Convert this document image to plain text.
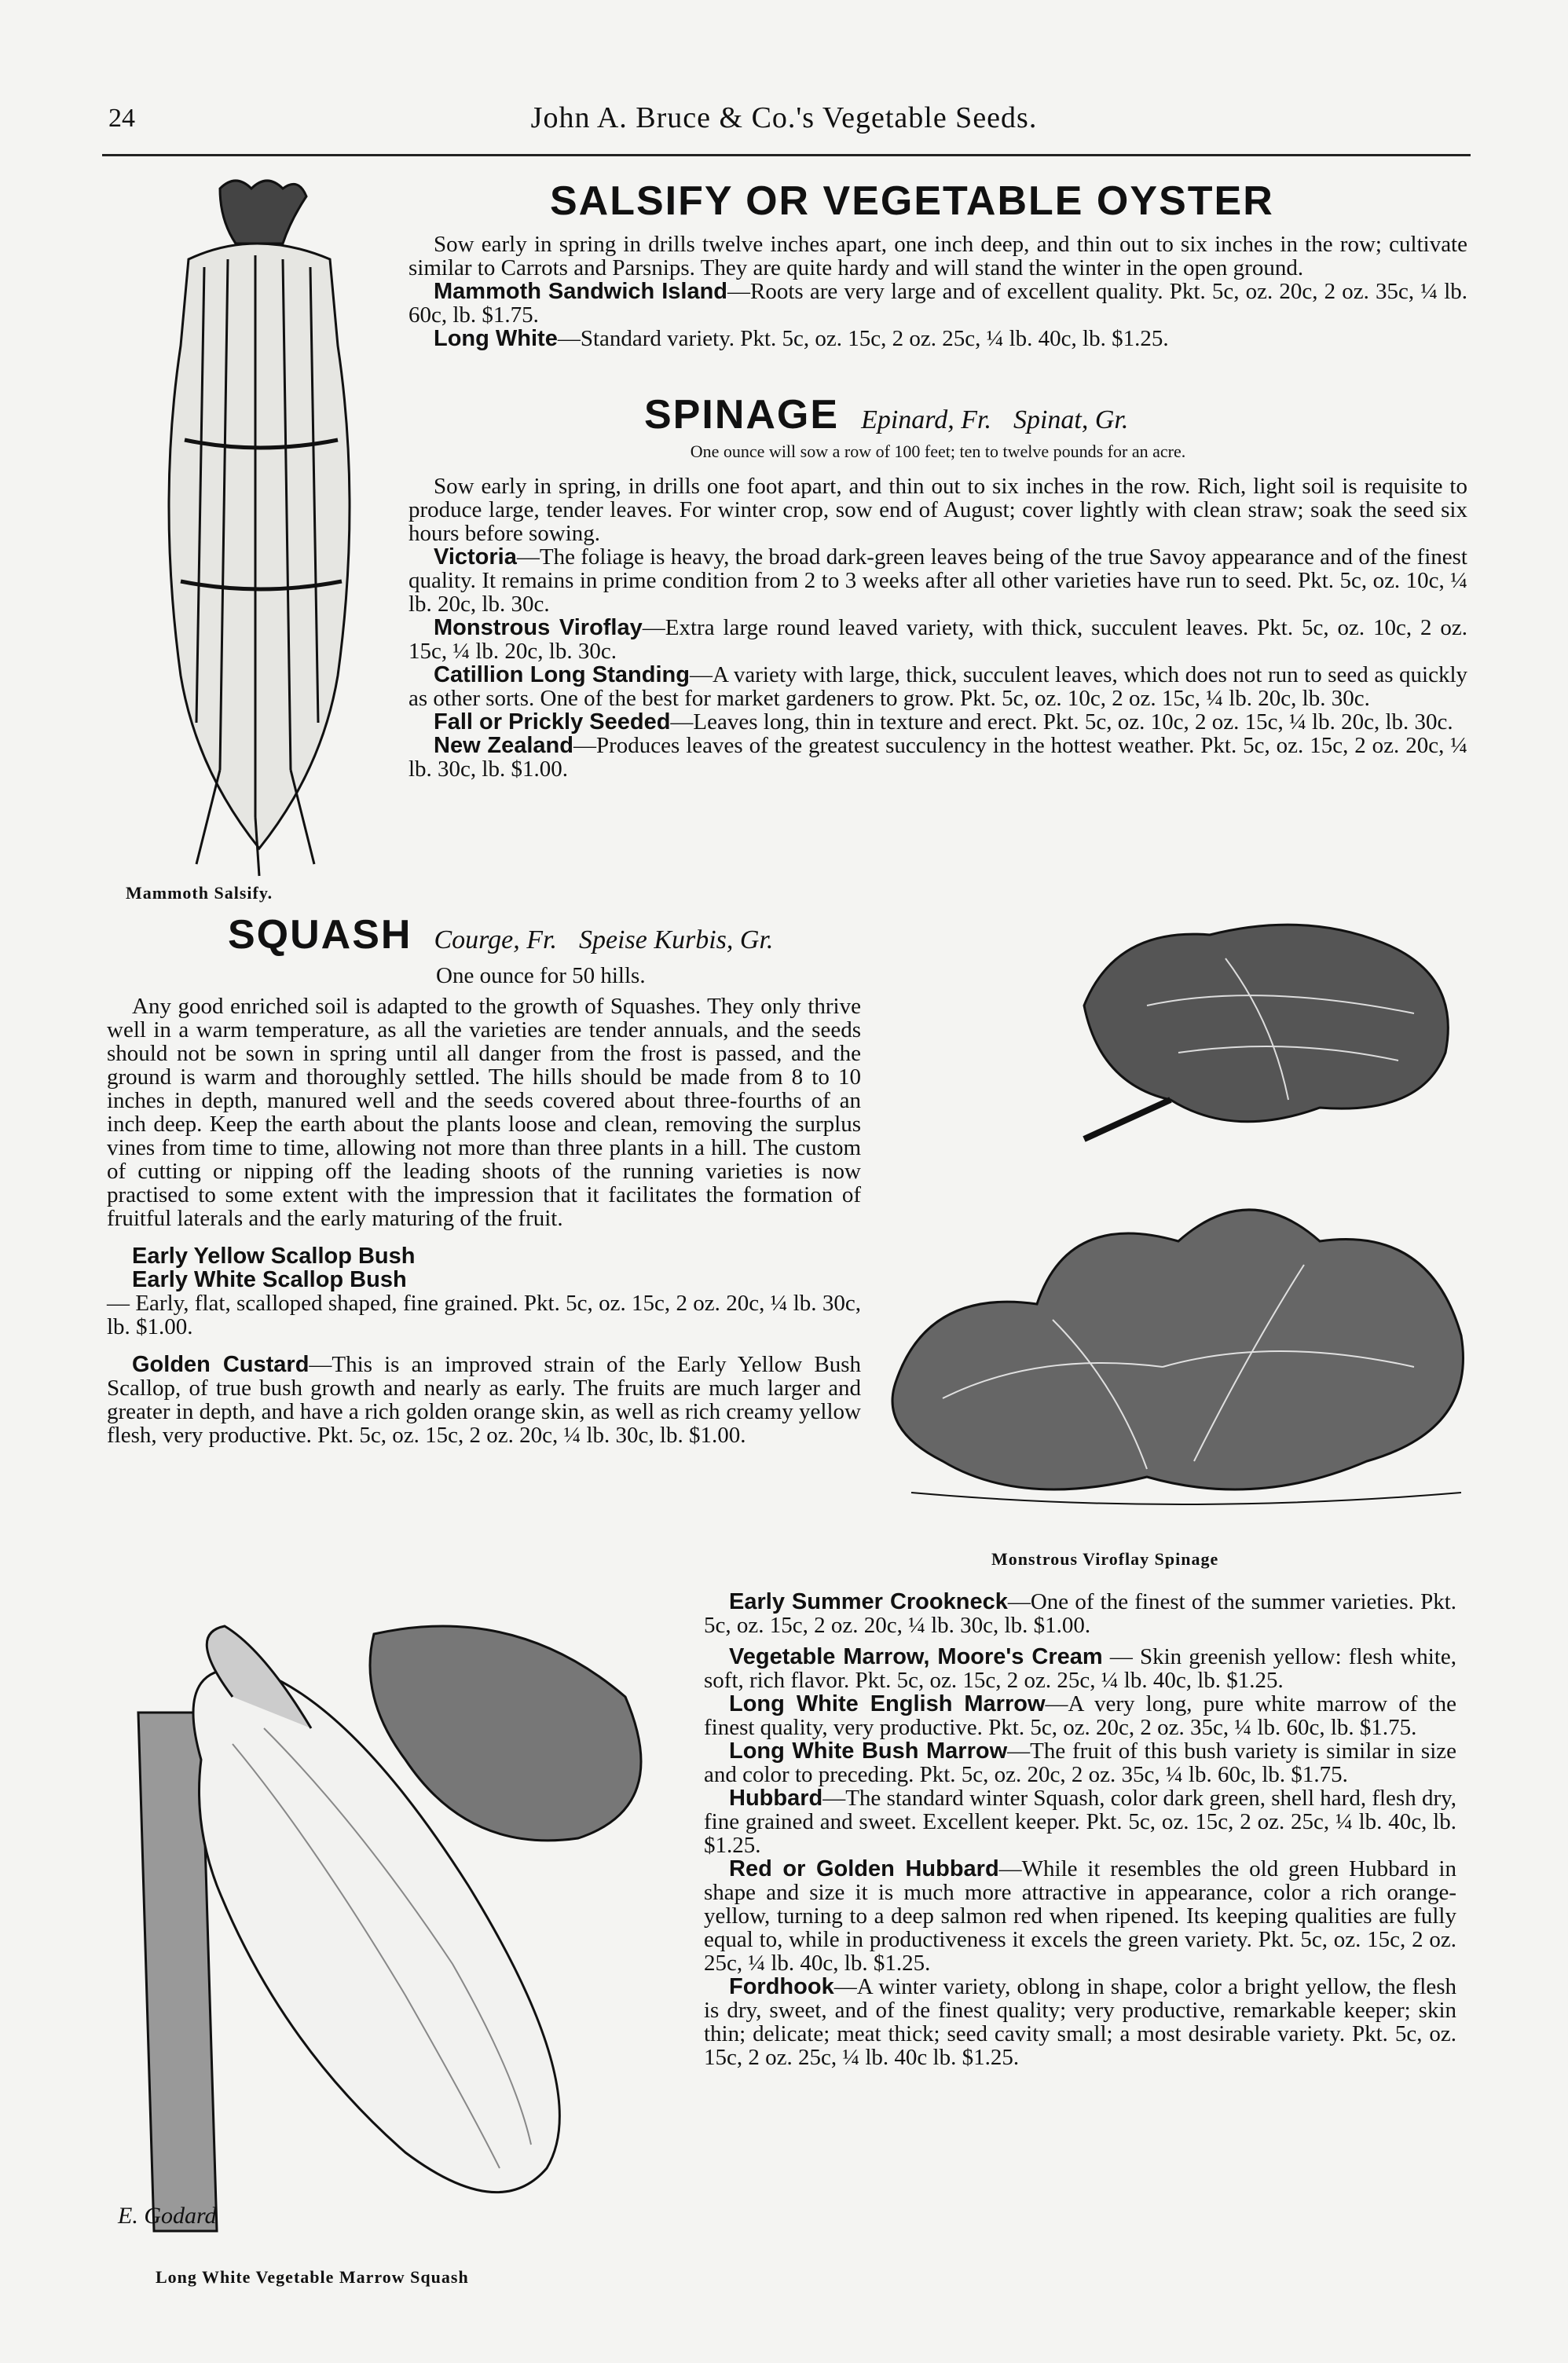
24	John A. Bruce & Co.'s Vegetable Seeds.
Mammoth Salsify.
SALSIFY OR VEGETABLE OYSTER

Sow early in spring in drills twelve inches apart, one inch deep, and thin out to six inches in the row; cultivate similar to Carrots and Parsnips. They are quite hardy and will stand the winter in the open ground.

Mammoth Sandwich Island—Roots are very large and of excellent quality. Pkt. 5c, oz. 20c, 2 oz. 35c, ¼ lb. 60c, lb. $1.75.

Long White—Standard variety. Pkt. 5c, oz. 15c, 2 oz. 25c, ¼ lb. 40c, lb. $1.25.

SPINAGE Epinard, Fr. Spinat, Gr.
One ounce will sow a row of 100 feet; ten to twelve pounds for an acre.

Sow early in spring, in drills one foot apart, and thin out to six inches in the row. Rich, light soil is requisite to produce large, tender leaves. For winter crop, sow end of August; cover lightly with clean straw; soak the seed six hours before sowing.

Victoria—The foliage is heavy, the broad dark-green leaves being of the true Savoy appearance and of the finest quality. It remains in prime condition from 2 to 3 weeks after all other varieties have run to seed. Pkt. 5c, oz. 10c, ¼ lb. 20c, lb. 30c.

Monstrous Viroflay—Extra large round leaved variety, with thick, succulent leaves. Pkt. 5c, oz. 10c, 2 oz. 15c, ¼ lb. 20c, lb. 30c.

Catillion Long Standing—A variety with large, thick, succulent leaves, which does not run to seed as quickly as other sorts. One of the best for market gardeners to grow. Pkt. 5c, oz. 10c, 2 oz. 15c, ¼ lb. 20c, lb. 30c.

Fall or Prickly Seeded—Leaves long, thin in texture and erect. Pkt. 5c, oz. 10c, 2 oz. 15c, ¼ lb. 20c, lb. 30c.

New Zealand—Produces leaves of the greatest succulency in the hottest weather. Pkt. 5c, oz. 15c, 2 oz. 20c, ¼ lb. 30c, lb. $1.00.

SQUASH Courge, Fr. Speise Kurbis, Gr.
One ounce for 50 hills.

Any good enriched soil is adapted to the growth of Squashes. They only thrive well in a warm temperature, as all the varieties are tender annuals, and the seeds should not be sown in spring until all danger from the frost is passed, and the ground is warm and thoroughly settled. The hills should be made from 8 to 10 inches in depth, manured well and the seeds covered about three-fourths of an inch deep. Keep the earth about the plants loose and clean, removing the surplus vines from time to time, allowing not more than three plants in a hill. The custom of cutting or nipping off the leading shoots of the running varieties is now practised to some extent with the impression that it facilitates the formation of fruitful laterals and the early maturing of the fruit.

Early Yellow Scallop Bush
Early White Scallop Bush
— Early, flat, scalloped shaped, fine grained. Pkt. 5c, oz. 15c, 2 oz. 20c, ¼ lb. 30c, lb. $1.00.

Golden Custard—This is an improved strain of the Early Yellow Bush Scallop, of true bush growth and nearly as early. The fruits are much larger and greater in depth, and have a rich golden orange skin, as well as rich creamy yellow flesh, very productive. Pkt. 5c, oz. 15c, 2 oz. 20c, ¼ lb. 30c, lb. $1.00.

Monstrous Viroflay Spinage
E. Godard
Long White Vegetable Marrow Squash

Early Summer Crookneck—One of the finest of the summer varieties. Pkt. 5c, oz. 15c, 2 oz. 20c, ¼ lb. 30c, lb. $1.00.

Vegetable Marrow, Moore's Cream — Skin greenish yellow: flesh white, soft, rich flavor. Pkt. 5c, oz. 15c, 2 oz. 25c, ¼ lb. 40c, lb. $1.25.

Long White English Marrow—A very long, pure white marrow of the finest quality, very productive. Pkt. 5c, oz. 20c, 2 oz. 35c, ¼ lb. 60c, lb. $1.75.

Long White Bush Marrow—The fruit of this bush variety is similar in size and color to preceding. Pkt. 5c, oz. 20c, 2 oz. 35c, ¼ lb. 60c, lb. $1.75.

Hubbard—The standard winter Squash, color dark green, shell hard, flesh dry, fine grained and sweet. Excellent keeper. Pkt. 5c, oz. 15c, 2 oz. 25c, ¼ lb. 40c, lb. $1.25.

Red or Golden Hubbard—While it resembles the old green Hubbard in shape and size it is much more attractive in appearance, color a rich orange-yellow, turning to a deep salmon red when ripened. Its keeping qualities are fully equal to, while in productiveness it excels the green variety. Pkt. 5c, oz. 15c, 2 oz. 25c, ¼ lb. 40c, lb. $1.25.

Fordhook—A winter variety, oblong in shape, color a bright yellow, the flesh is dry, sweet, and of the finest quality; very productive, remarkable keeper; skin thin; delicate; meat thick; seed cavity small; a most desirable variety. Pkt. 5c, oz. 15c, 2 oz. 25c, ¼ lb. 40c lb. $1.25.
